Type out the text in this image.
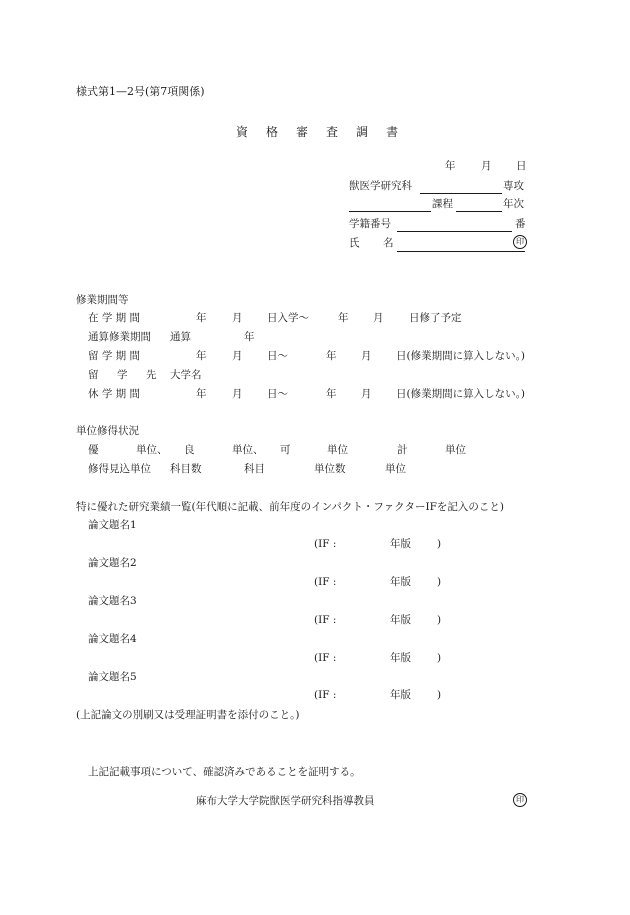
様式第1—2号(第7項関係)
資 格 審 査 調 書
年 月 日
獣医学研究科	専攻
課程	年次
学籍番号	番
氏 名	印
修業期間等
在 学 期 間	年 月 日入学〜	年 月 日修了予定
通算修業期間 通算	年
留 学 期 間	年 月 日〜	年 月 日(修業期間に算入しない。)
留 学 先 大学名
休 学 期 間	年 月 日〜	年 月 日(修業期間に算入しない。)
単位修得状況
優	単位、 良	単位、 可	単位	計	単位
修得見込単位 科目数	科目	単位数	単位
特に優れた研究業績一覧(年代順に記載、前年度のインパクト・ファクターIFを記入のこと)
論文題名1
(IF :	年版 )
論文題名2
(IF :	年版 )
論文題名3
(IF :	年版 )
論文題名4
(IF :	年版 )
論文題名5
(IF :	年版 )
(上記論文の別刷又は受理証明書を添付のこと。)
上記記載事項について、確認済みであることを証明する。
麻布大学大学院獣医学研究科指導教員	印
